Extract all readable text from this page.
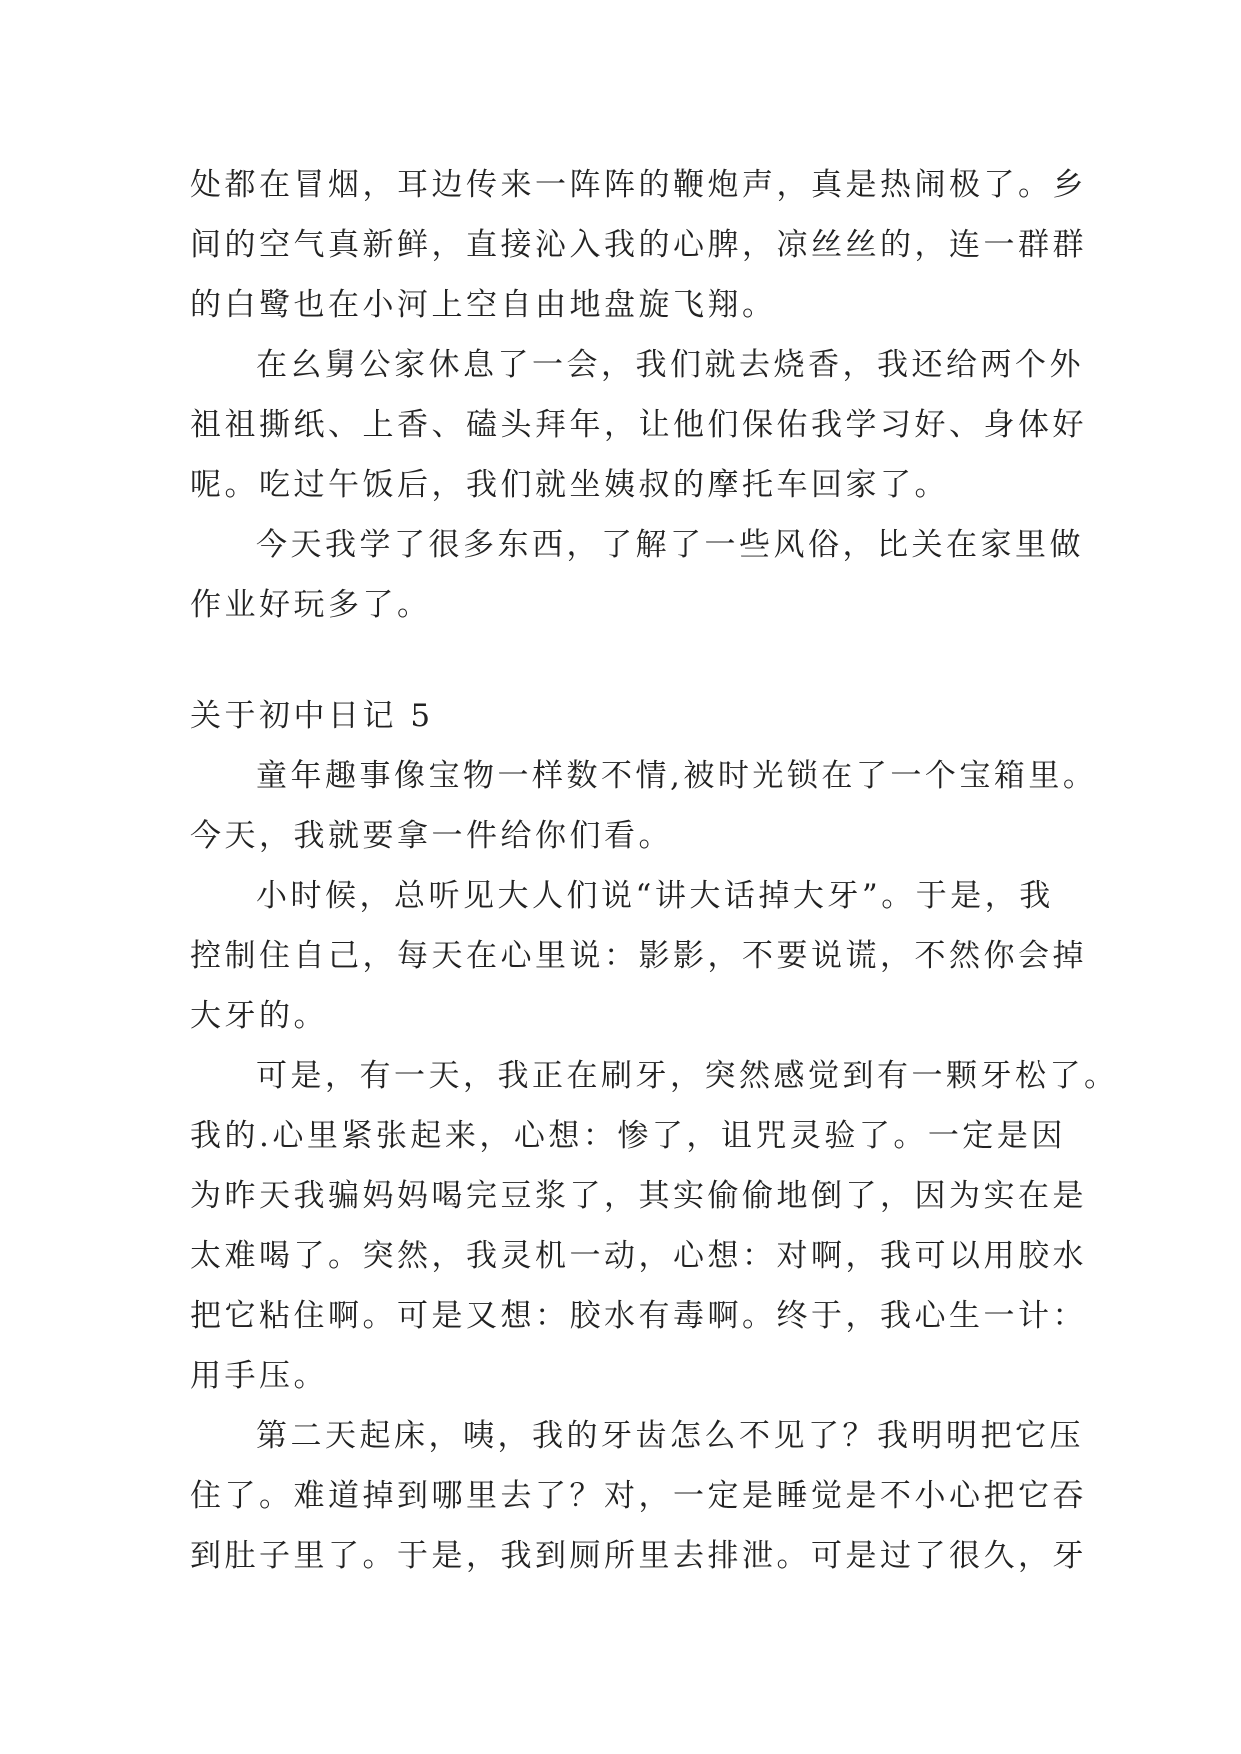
处都在冒烟，耳边传来一阵阵的鞭炮声，真是热闹极了。乡
间的空气真新鲜，直接沁入我的心脾，凉丝丝的，连一群群
的白鹭也在小河上空自由地盘旋飞翔。
在幺舅公家休息了一会，我们就去烧香，我还给两个外
祖祖撕纸、上香、磕头拜年，让他们保佑我学习好、身体好
呢。吃过午饭后，我们就坐姨叔的摩托车回家了。
今天我学了很多东西，了解了一些风俗，比关在家里做
作业好玩多了。
关于初中日记 5
童年趣事像宝物一样数不情,被时光锁在了一个宝箱里。
今天，我就要拿一件给你们看。
小时候，总听见大人们说“讲大话掉大牙”。于是，我
控制住自己，每天在心里说：影影，不要说谎，不然你会掉
大牙的。
可是，有一天，我正在刷牙，突然感觉到有一颗牙松了。
我的.心里紧张起来，心想：惨了，诅咒灵验了。一定是因
为昨天我骗妈妈喝完豆浆了，其实偷偷地倒了，因为实在是
太难喝了。突然，我灵机一动，心想：对啊，我可以用胶水
把它粘住啊。可是又想：胶水有毒啊。终于，我心生一计：
用手压。
第二天起床，咦，我的牙齿怎么不见了？我明明把它压
住了。难道掉到哪里去了？对，一定是睡觉是不小心把它吞
到肚子里了。于是，我到厕所里去排泄。可是过了很久，牙
